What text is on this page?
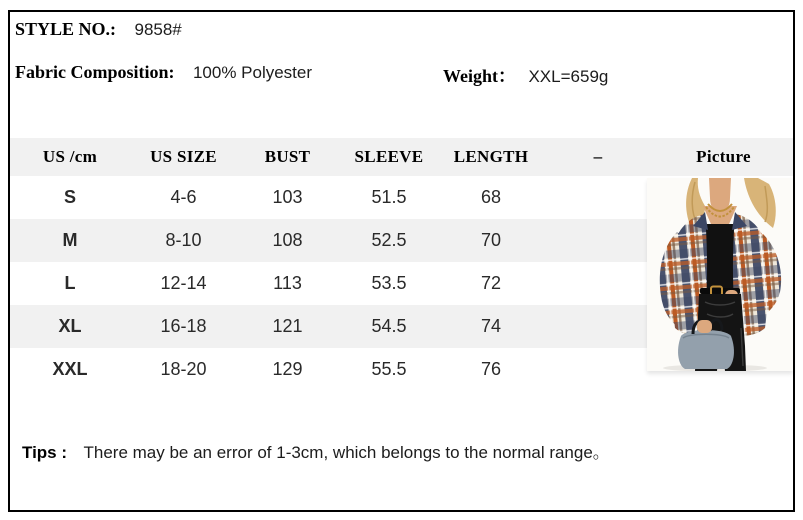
STYLE NO.: 9858#
Fabric Composition: 100% Polyester	Weight： XXL=659g
US /cm	US SIZE	BUST	SLEEVE	LENGTH	–	Picture
S	4-6	103	51.5	68		
M	8-10	108	52.5	70		
L	12-14	113	53.5	72		
XL	16-18	121	54.5	74		
XXL	18-20	129	55.5	76		
Tips : There may be an error of 1-3cm, which belongs to the normal range。
